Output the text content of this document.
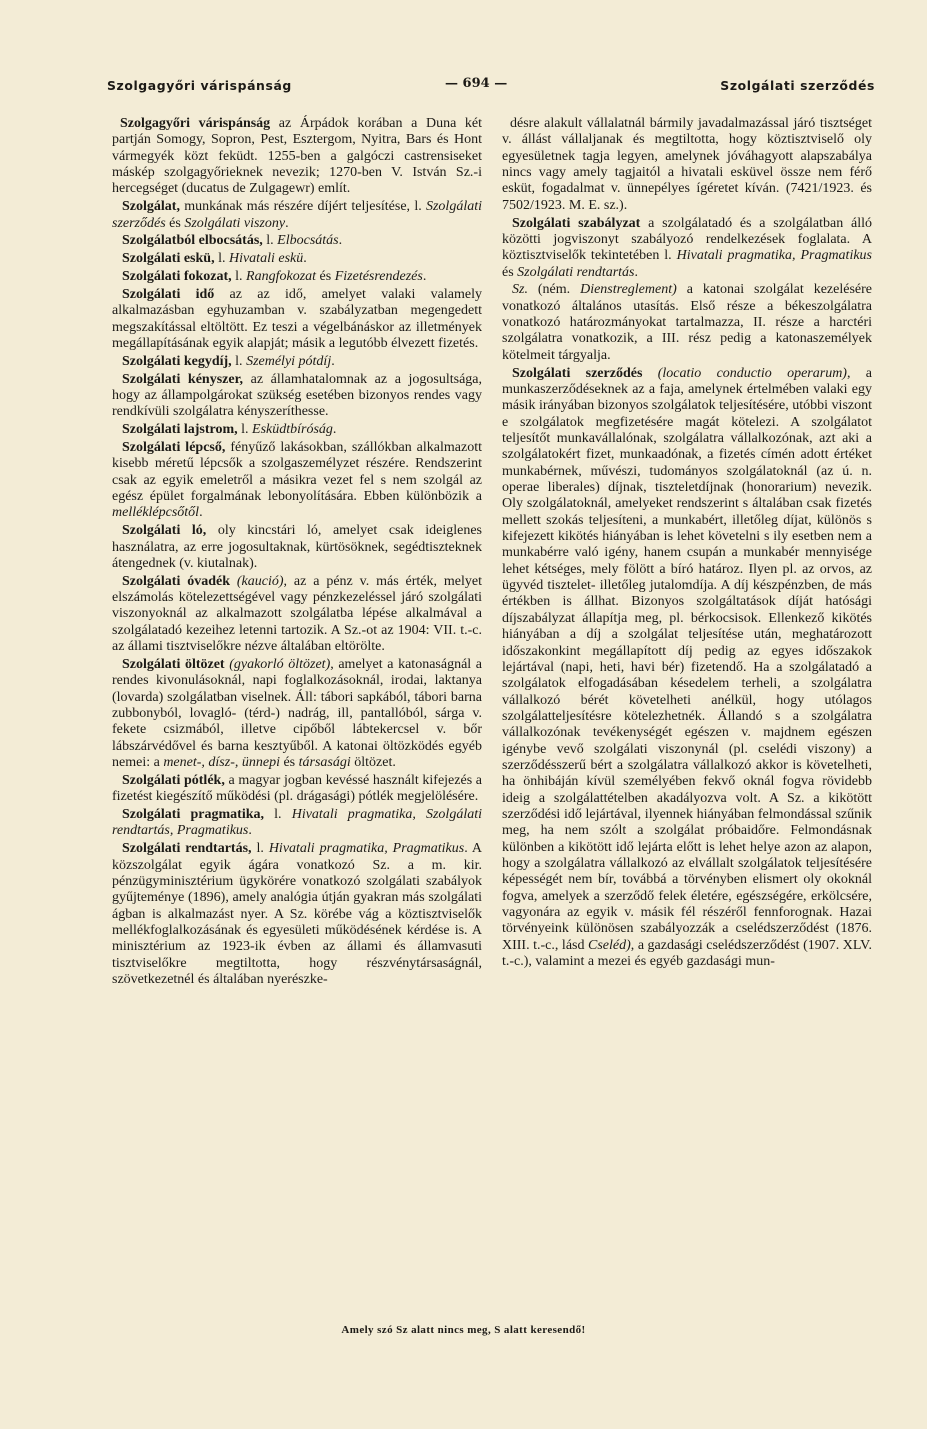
Szolgagyőri várispánság	— 694 —	Szolgálati szerződés

Szolgagyőri várispánság az Árpádok korában a Duna két partján Somogy, Sopron, Pest, Esztergom, Nyitra, Bars és Hont vármegyék közt feküdt. 1255-ben a galgóczi castrensiseket máskép szolgagyőrieknek nevezik; 1270-ben V. István Sz.-i hercegséget (ducatus de Zulgagewr) említ.

Szolgálat, munkának más részére díjért teljesítése, l. Szolgálati szerződés és Szolgálati viszony.

Szolgálatból elbocsátás, l. Elbocsátás.

Szolgálati eskü, l. Hivatali eskü.

Szolgálati fokozat, l. Rangfokozat és Fizetésrendezés.

Szolgálati idő az az idő, amelyet valaki valamely alkalmazásban egyhuzamban v. szabályzatban megengedett megszakítással eltöltött. Ez teszi a végelbánáskor az illetmények megállapításának egyik alapját; másik a legutóbb élvezett fizetés.

Szolgálati kegydíj, l. Személyi pótdíj.

Szolgálati kényszer, az államhatalomnak az a jogosultsága, hogy az állampolgárokat szükség esetében bizonyos rendes vagy rendkívüli szolgálatra kényszeríthesse.

Szolgálati lajstrom, l. Esküdtbíróság.

Szolgálati lépcső, fényűző lakásokban, szállókban alkalmazott kisebb méretű lépcsők a szolgaszemélyzet részére. Rendszerint csak az egyik emeletről a másikra vezet fel s nem szolgál az egész épület forgalmának lebonyolítására. Ebben különbözik a melléklépcsőtől.

Szolgálati ló, oly kincstári ló, amelyet csak ideiglenes használatra, az erre jogosultaknak, kürtösöknek, segédtiszteknek átengednek (v. kiutalnak).

Szolgálati óvadék (kaució), az a pénz v. más érték, melyet elszámolás kötelezettségével vagy pénzkezeléssel járó szolgálati viszonyoknál az alkalmazott szolgálatba lépése alkalmával a szolgálatadó kezeihez letenni tartozik. A Sz.-ot az 1904: VII. t.-c. az állami tisztviselőkre nézve általában eltörölte.

Szolgálati öltözet (gyakorló öltözet), amelyet a katonaságnál a rendes kivonulásoknál, napi foglalkozásoknál, irodai, laktanya (lovarda) szolgálatban viselnek. Áll: tábori sapkából, tábori barna zubbonyból, lovagló- (térd-) nadrág, ill, pantallóból, sárga v. fekete csizmából, illetve cipőből lábtekercsel v. bőr lábszárvédővel és barna kesztyűből. A katonai öltözködés egyéb nemei: a menet-, dísz-, ünnepi és társasági öltözet.

Szolgálati pótlék, a magyar jogban kevéssé használt kifejezés a fizetést kiegészítő működési (pl. drágasági) pótlék megjelölésére.

Szolgálati pragmatika, l. Hivatali pragmatika, Szolgálati rendtartás, Pragmatikus.

Szolgálati rendtartás, l. Hivatali pragmatika, Pragmatikus. A közszolgálat egyik ágára vonatkozó Sz. a m. kir. pénzügyminisztérium ügykörére vonatkozó szolgálati szabályok gyűjteménye (1896), amely analógia útján gyakran más szolgálati ágban is alkalmazást nyer. A Sz. körébe vág a köztisztviselők mellékfoglalkozásának és egyesületi működésének kérdése is. A minisztérium az 1923-ik évben az állami és államvasuti tisztviselőkre megtiltotta, hogy részvénytársaságnál, szövetkezetnél és általában nyerészke-

désre alakult vállalatnál bármily javadalmazással járó tisztséget v. állást vállaljanak és megtiltotta, hogy köztisztviselő oly egyesületnek tagja legyen, amelynek jóváhagyott alapszabálya nincs vagy amely tagjaitól a hivatali esküvel össze nem férő esküt, fogadalmat v. ünnepélyes ígéretet kíván. (7421/1923. és 7502/1923. M. E. sz.).

Szolgálati szabályzat a szolgálatadó és a szolgálatban álló közötti jogviszonyt szabályozó rendelkezések foglalata. A köztisztviselők tekintetében l. Hivatali pragmatika, Pragmatikus és Szolgálati rendtartás.

Sz. (ném. Dienstreglement) a katonai szolgálat kezelésére vonatkozó általános utasítás. Első része a békeszolgálatra vonatkozó határozmányokat tartalmazza, II. része a harctéri szolgálatra vonatkozik, a III. rész pedig a katonaszemélyek kötelmeit tárgyalja.

Szolgálati szerződés (locatio conductio operarum), a munkaszerződéseknek az a faja, amelynek értelmében valaki egy másik irányában bizonyos szolgálatok teljesítésére, utóbbi viszont e szolgálatok megfizetésére magát kötelezi. A szolgálatot teljesítőt munkavállalónak, szolgálatra vállalkozónak, azt aki a szolgálatokért fizet, munkaadónak, a fizetés címén adott értéket munkabérnek, művészi, tudományos szolgálatoknál (az ú. n. operae liberales) díjnak, tiszteletdíjnak (honorarium) nevezik. Oly szolgálatoknál, amelyeket rendszerint s általában csak fizetés mellett szokás teljesíteni, a munkabért, illetőleg díjat, különös s kifejezett kikötés hiányában is lehet követelni s ily esetben nem a munkabérre való igény, hanem csupán a munkabér mennyisége lehet kétséges, mely fölött a bíró határoz. Ilyen pl. az orvos, az ügyvéd tisztelet- illetőleg jutalomdíja. A díj készpénzben, de más értékben is állhat. Bizonyos szolgáltatások díját hatósági díjszabályzat állapítja meg, pl. bérkocsisok. Ellenkező kikötés hiányában a díj a szolgálat teljesítése után, meghatározott időszakonkint megállapított díj pedig az egyes időszakok lejártával (napi, heti, havi bér) fizetendő. Ha a szolgálatadó a szolgálatok elfogadásában késedelem terheli, a szolgálatra vállalkozó bérét követelheti anélkül, hogy utólagos szolgálatteljesítésre kötelezhetnék. Állandó s a szolgálatra vállalkozónak tevékenységét egészen v. majdnem egészen igénybe vevő szolgálati viszonynál (pl. cselédi viszony) a szerződésszerű bért a szolgálatra vállalkozó akkor is követelheti, ha önhibáján kívül személyében fekvő oknál fogva rövidebb ideig a szolgálattételben akadályozva volt. A Sz. a kikötött szerződési idő lejártával, ilyennek hiányában felmondással szűnik meg, ha nem szólt a szolgálat próbaidőre. Felmondásnak különben a kikötött idő lejárta előtt is lehet helye azon az alapon, hogy a szolgálatra vállalkozó az elvállalt szolgálatok teljesítésére képességét nem bír, továbbá a törvényben elismert oly okoknál fogva, amelyek a szerződő felek életére, egészségére, erkölcsére, vagyonára az egyik v. másik fél részéről fennforognak. Hazai törvényeink különösen szabályozzák a cselédszerződést (1876. XIII. t.-c., lásd Cseléd), a gazdasági cselédszerződést (1907. XLV. t.-c.), valamint a mezei és egyéb gazdasági mun-

Amely szó Sz alatt nincs meg, S alatt keresendő!
